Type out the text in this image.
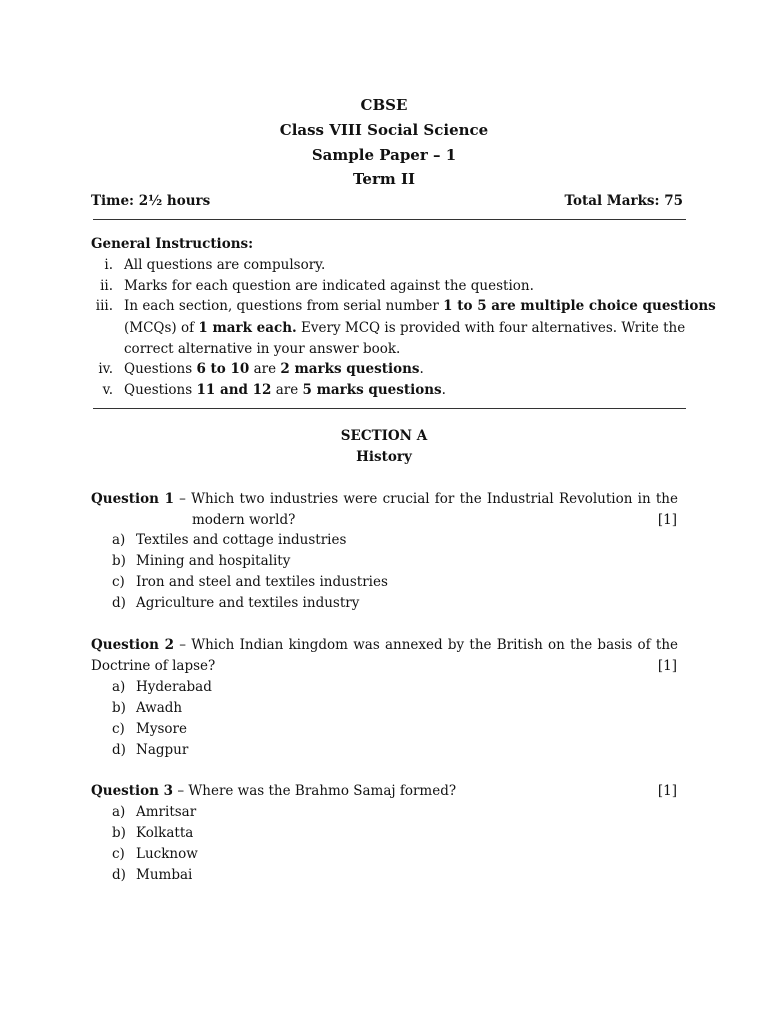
CBSE
Class VIII Social Science
Sample Paper – 1
Term II
Time: 2½ hours	Total Marks: 75
General Instructions:
i. All questions are compulsory.
ii. Marks for each question are indicated against the question.
iii. In each section, questions from serial number 1 to 5 are multiple choice questions
(MCQs) of 1 mark each. Every MCQ is provided with four alternatives. Write the
correct alternative in your answer book.
iv. Questions 6 to 10 are 2 marks questions.
v. Questions 11 and 12 are 5 marks questions.
SECTION A
History
Question 1 – Which two industries were crucial for the Industrial Revolution in the
modern world?	[1]
a) Textiles and cottage industries
b) Mining and hospitality
c) Iron and steel and textiles industries
d) Agriculture and textiles industry
Question 2 – Which Indian kingdom was annexed by the British on the basis of the
Doctrine of lapse?	[1]
a) Hyderabad
b) Awadh
c) Mysore
d) Nagpur
Question 3 – Where was the Brahmo Samaj formed?	[1]
a) Amritsar
b) Kolkatta
c) Lucknow
d) Mumbai
